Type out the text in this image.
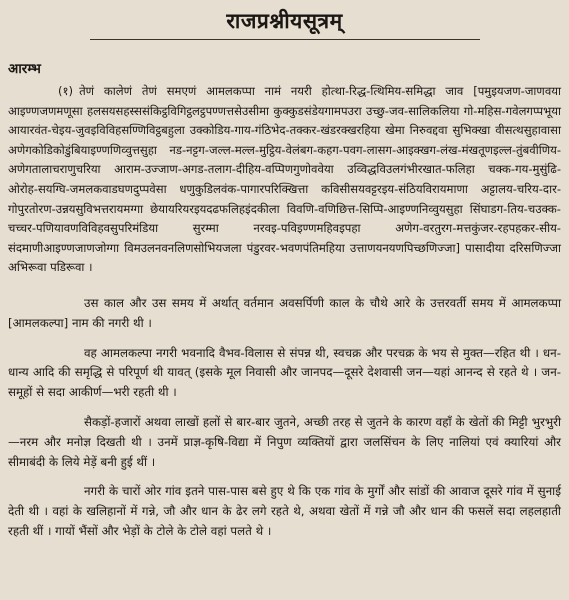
राजप्रश्नीयसूत्रम्
आरम्भ

(१) तेणं कालेणं तेणं समएणं आमलकप्पा नामं नयरी होत्था-रिद्ध-त्थिमिय-समिद्धा जाव [पमुइयजण-जाणवया आइण्णजणमणूसा हलसयसहस्ससंकिट्ठविगिट्ठलट्ठपण्णत्तसेउसीमा कुक्कुडसंडेयगामपउरा उच्छु-जव-सालिकलिया गो-महिस-गवेलगप्पभूया आयारवंत-चेइय-जुवइविविहसण्णिविट्ठबहुला उक्कोडिय-गाय-गंठिभेद-तक्कर-खंडरक्खरहिया खेमा निरुवद्दवा सुभिक्खा वीसत्थसुहावासा अणेगकोडिकोडुंबियाइण्णणिव्वुत्तसुहा नड-नट्टग-जल्ल-मल्ल-मुट्ठिय-वेलंबग-कहग-पवग-लासग-आइक्खग-लंख-मंखतूणइल्ल-तुंबवीणिय-अणेगतालाचराणुचरिया आराम-उज्जाण-अगड-तलाग-दीहिय-वप्पिणगुणोववेया उव्विद्धविउलगंभीरखात-फलिहा चक्क-गय-मुसुंढि-ओरोह-सयग्घि-जमलकवाडघणदुप्पवेसा धणुकुडिलवंक-पागारपरिक्खित्ता कविसीसयवट्टरइय-संठियविरायमाणा अट्टालय-चरिय-दार-गोपुरतोरण-उन्नयसुविभत्तरायमग्गा छेयायरियरइयदढफलिहइंदकीला विवणि-वणिछित्त-सिप्पि-आइण्णनिव्वुयसुहा सिंघाडग-तिय-चउक्क-चच्चर-पणियावणविविहवसुपरिमंडिया सुरम्मा नरवइ-पविइण्णमहिवइपहा अणेग-वरतुरग-मत्तकुंजर-रहपहकर-सीय-संदमाणीआइण्णजाणजोग्गा विमउलनवनलिणसोभियजला पंडुरवर-भवणपंतिमहिया उत्ताणयनयणपिच्छणिज्जा] पासादीया दरिसणिज्जा अभिरूवा पडिरूवा ।

उस काल और उस समय में अर्थात् वर्तमान अवसर्पिणी काल के चौथे आरे के उत्तरवर्ती समय में आमलकप्पा [आमलकल्पा] नाम की नगरी थी ।

वह आमलकल्पा नगरी भवनादि वैभव-विलास से संपन्न थी, स्वचक्र और परचक्र के भय से मुक्त—रहित थी । धन-धान्य आदि की समृद्धि से परिपूर्ण थी यावत् (इसके मूल निवासी और जानपद—दूसरे देशवासी जन—यहां आनन्द से रहते थे । जन-समूहों से सदा आकीर्ण—भरी रहती थी ।

सैकड़ों-हजारों अथवा लाखों हलों से बार-बार जुतने, अच्छी तरह से जुतने के कारण वहाँ के खेतों की मिट्टी भुरभुरी—नरम और मनोज्ञ दिखती थी । उनमें प्राज्ञ-कृषि-विद्या में निपुण व्यक्तियों द्वारा जलसिंचन के लिए नालियां एवं क्यारियां और सीमाबंदी के लिये मेड़ें बनी हुई थीं ।

नगरी के चारों ओर गांव इतने पास-पास बसे हुए थे कि एक गांव के मुर्गों और सांडों की आवाज दूसरे गांव में सुनाई देती थी । वहां के खलिहानों में गन्ने, जौ और धान के ढेर लगे रहते थे, अथवा खेतों में गन्ने जौ और धान की फसलें सदा लहलहाती रहती थीं । गायों भैंसों और भेड़ों के टोले के टोले वहां पलते थे ।
